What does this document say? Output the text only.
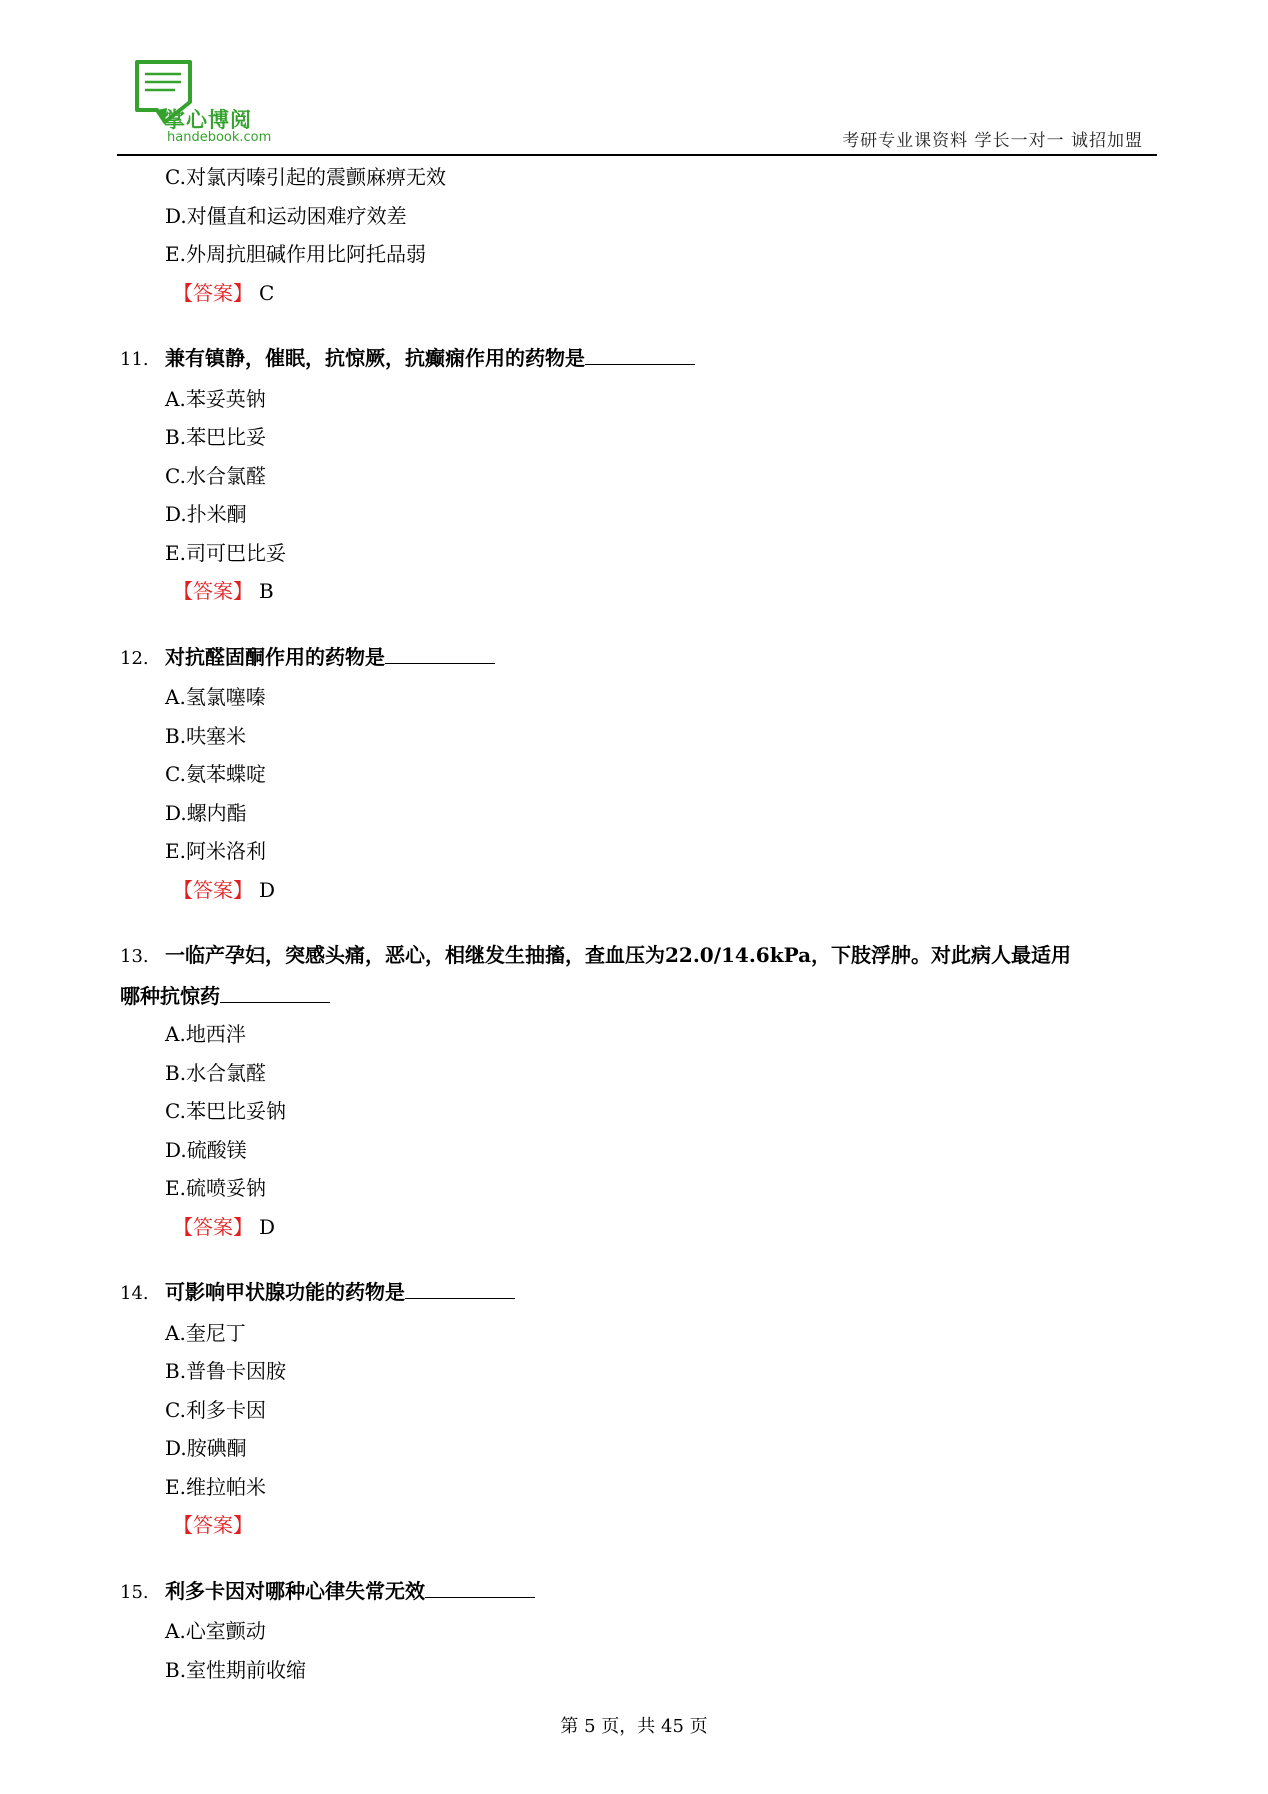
掌心博阅
handebook.com	考研专业课资料 学长一对一 诚招加盟
C.对氯丙嗪引起的震颤麻痹无效
D.对僵直和运动困难疗效差
E.外周抗胆碱作用比阿托品弱
【答案】 C
11. 兼有镇静，催眠，抗惊厥，抗癫痫作用的药物是
A.苯妥英钠
B.苯巴比妥
C.水合氯醛
D.扑米酮
E.司可巴比妥
【答案】 B
12. 对抗醛固酮作用的药物是
A.氢氯噻嗪
B.呋塞米
C.氨苯蝶啶
D.螺内酯
E.阿米洛利
【答案】 D
13. 一临产孕妇，突感头痛，恶心，相继发生抽搐，查血压为22.0/14.6kPa，下肢浮肿。对此病人最适用
哪种抗惊药
A.地西泮
B.水合氯醛
C.苯巴比妥钠
D.硫酸镁
E.硫喷妥钠
【答案】 D
14. 可影响甲状腺功能的药物是
A.奎尼丁
B.普鲁卡因胺
C.利多卡因
D.胺碘酮
E.维拉帕米
【答案】
15. 利多卡因对哪种心律失常无效
A.心室颤动
B.室性期前收缩
第 5 页，共 45 页
